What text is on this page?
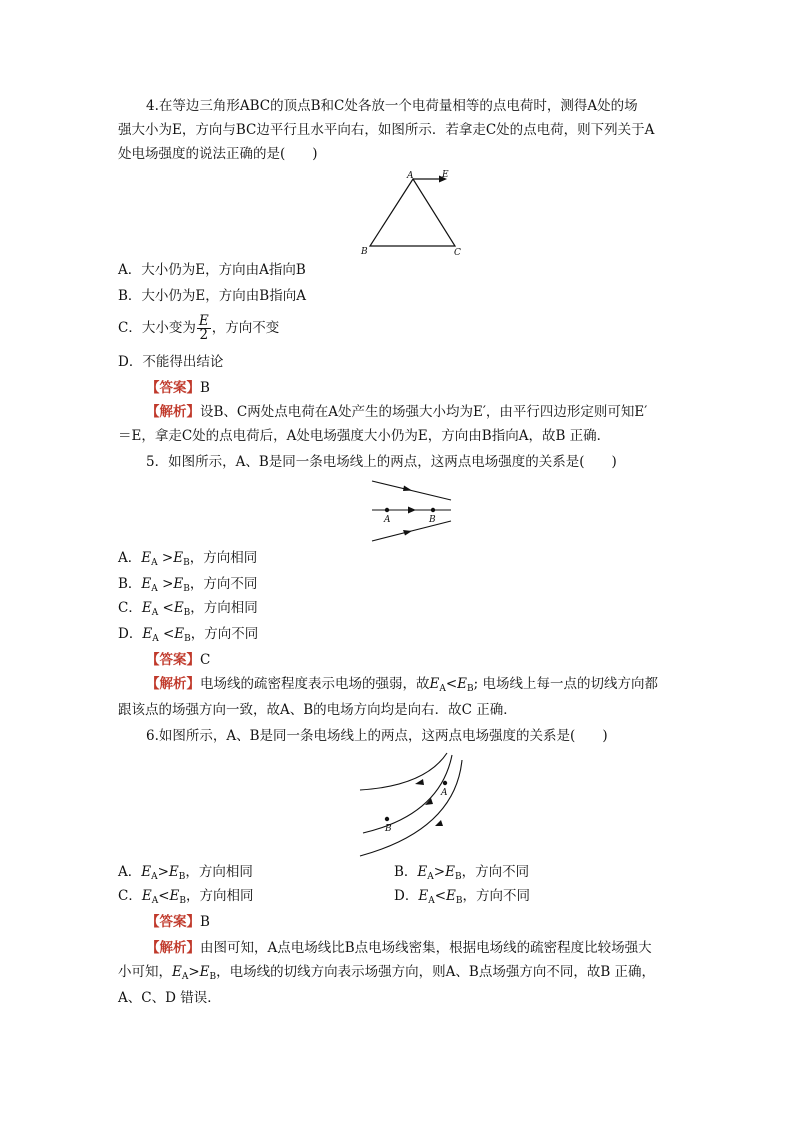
4.在等边三角形ABC的顶点B和C处各放一个电荷量相等的点电荷时，测得A处的场
强大小为E，方向与BC边平行且水平向右，如图所示．若拿走C处的点电荷，则下列关于A
处电场强度的说法正确的是(　　)
A
B	C
E
A．大小仍为E，方向由A指向B
B．大小仍为E，方向由B指向A
C．大小变为 $\frac{E}{2}$ ，方向不变
D．不能得出结论
【答案】B
【解析】设B、C两处点电荷在A处产生的场强大小均为E′，由平行四边形定则可知E′
＝E，拿走C处的点电荷后，A处电场强度大小仍为E，方向由B指向A，故B 正确．
5．如图所示，A、B是同一条电场线上的两点，这两点电场强度的关系是(　　)
A	B
A．$E_A >E_B$，方向相同
B．$E_A >E_B$，方向不同
C．$E_A <E_B$，方向相同
D．$E_A <E_B$，方向不同
【答案】C
【解析】电场线的疏密程度表示电场的强弱，故$E_A<E_B$; 电场线上每一点的切线方向都
跟该点的场强方向一致，故A、B的电场方向均是向右．故C 正确．
6.如图所示，A、B是同一条电场线上的两点，这两点电场强度的关系是(　　)
A
B
A．$E_A>E_B$，方向相同	B．$E_A>E_B$，方向不同
C．$E_A<E_B$，方向相同	D．$E_A<E_B$，方向不同
【答案】B
【解析】由图可知，A点电场线比B点电场线密集，根据电场线的疏密程度比较场强大
小可知，$E_A>E_B$，电场线的切线方向表示场强方向，则A、B点场强方向不同，故B 正确，
A、C、D 错误．
